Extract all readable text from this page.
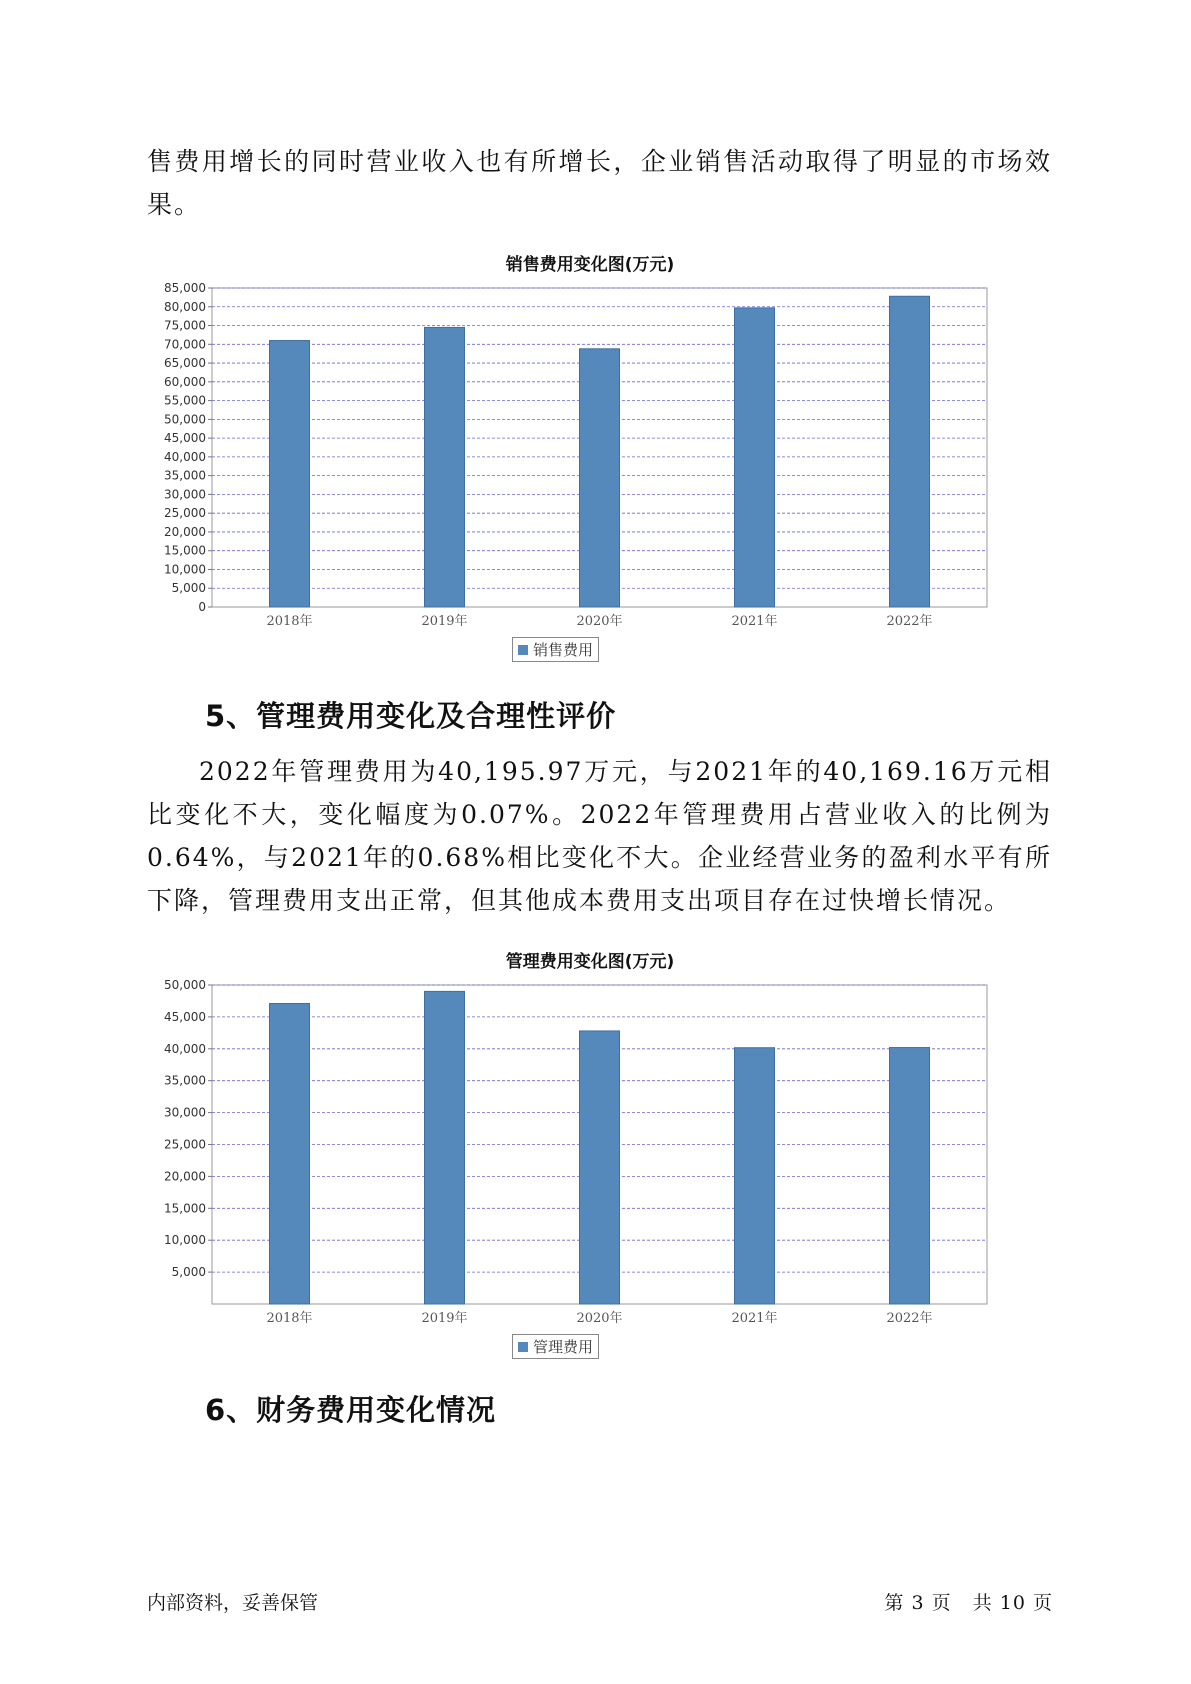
售费用增长的同时营业收入也有所增长，企业销售活动取得了明显的市场效果。

销售费用变化图(万元)
0
5,000
10,000
15,000
20,000
25,000
30,000
35,000
40,000
45,000
50,000
55,000
60,000
65,000
70,000
75,000
80,000
85,000
2018年	2019年	2020年	2021年	2022年
销售费用
5、管理费用变化及合理性评价

2022年管理费用为40,195.97万元，与2021年的40,169.16万元相比变化不大，变化幅度为0.07%。2022年管理费用占营业收入的比例为0.64%，与2021年的0.68%相比变化不大。企业经营业务的盈利水平有所下降，管理费用支出正常，但其他成本费用支出项目存在过快增长情况。

管理费用变化图(万元)
5,000
10,000
15,000
20,000
25,000
30,000
35,000
40,000
45,000
50,000
2018年	2019年	2020年	2021年	2022年
管理费用
6、财务费用变化情况
内部资料，妥善保管	第 3 页 共 10 页
